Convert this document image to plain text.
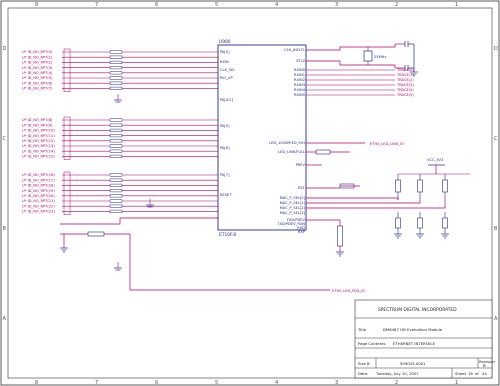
8	7	6	5	4	3	2	1
8	7	6	5	4	3	2	1
D
C
B
A
D
C
B
A
U* ID_NO_RPT(0)
U* ID_NO_RPT(1)
U* ID_NO_RPT(2)
U* ID_NO_RPT(3)
U* ID_NO_RPT(4)
U* ID_NO_RPT(5)
U* ID_NO_RPT(6)
U* ID_NO_RPT(7)
U* ID_NO_RPT(8)
U* ID_NO_RPT(9)
U* ID_NO_RPT(10)
U* ID_NO_RPT(11)
U* ID_NO_RPT(12)
U* ID_NO_RPT(13)
U* ID_NO_RPT(14)
U* ID_NO_RPT(15)
U* ID_NO_RPT(16)
U* ID_NO_RPT(17)
U* ID_NO_RPT(18)
U* ID_NO_RPT(19)
U* ID_NO_RPT(20)
U* ID_NO_RPT(21)
U* ID_NO_RPT(22)
U* ID_NO_RPT(23)
U900
ET10F.8
PA[0]
RXIN
CLK_SEL
PIO_UP
PA[4:2]
PA[5]
PA[6]
PA[7]
RESET
CLK_INCLTL
XTL2
RXIN0
RXIN1
RXIN2
RXIN3
RXIN4
RXIN5
LED_100SPEED_IOH
LED_LINK/FULL
PREV
RST
MAC_P_SEL[0]
MAC_P_SEL[1]
MAC_P_SEL[2]
MAC_P_SEL[3]
TXD/PDEV
TXD/PDEV_RXN
RXD
RXP
25MHz
TRACE(0)
TRACE(1)
TRACE(2)
TRACE(3)
TRACE(4)
TRACE(5)
ETH0_LED_LINK_IO
VCC_3V3
ETH0_LED_FDX_IO
SPECTRUM DIGITAL INCORPORATED
Title	DM6467 HD Evaluation Module
Page Contents ETHERNET INTERFACE
Size B	509043-0001	Revision
B
Date: Tuesday, July 10, 2007	Sheet 16 of 44
